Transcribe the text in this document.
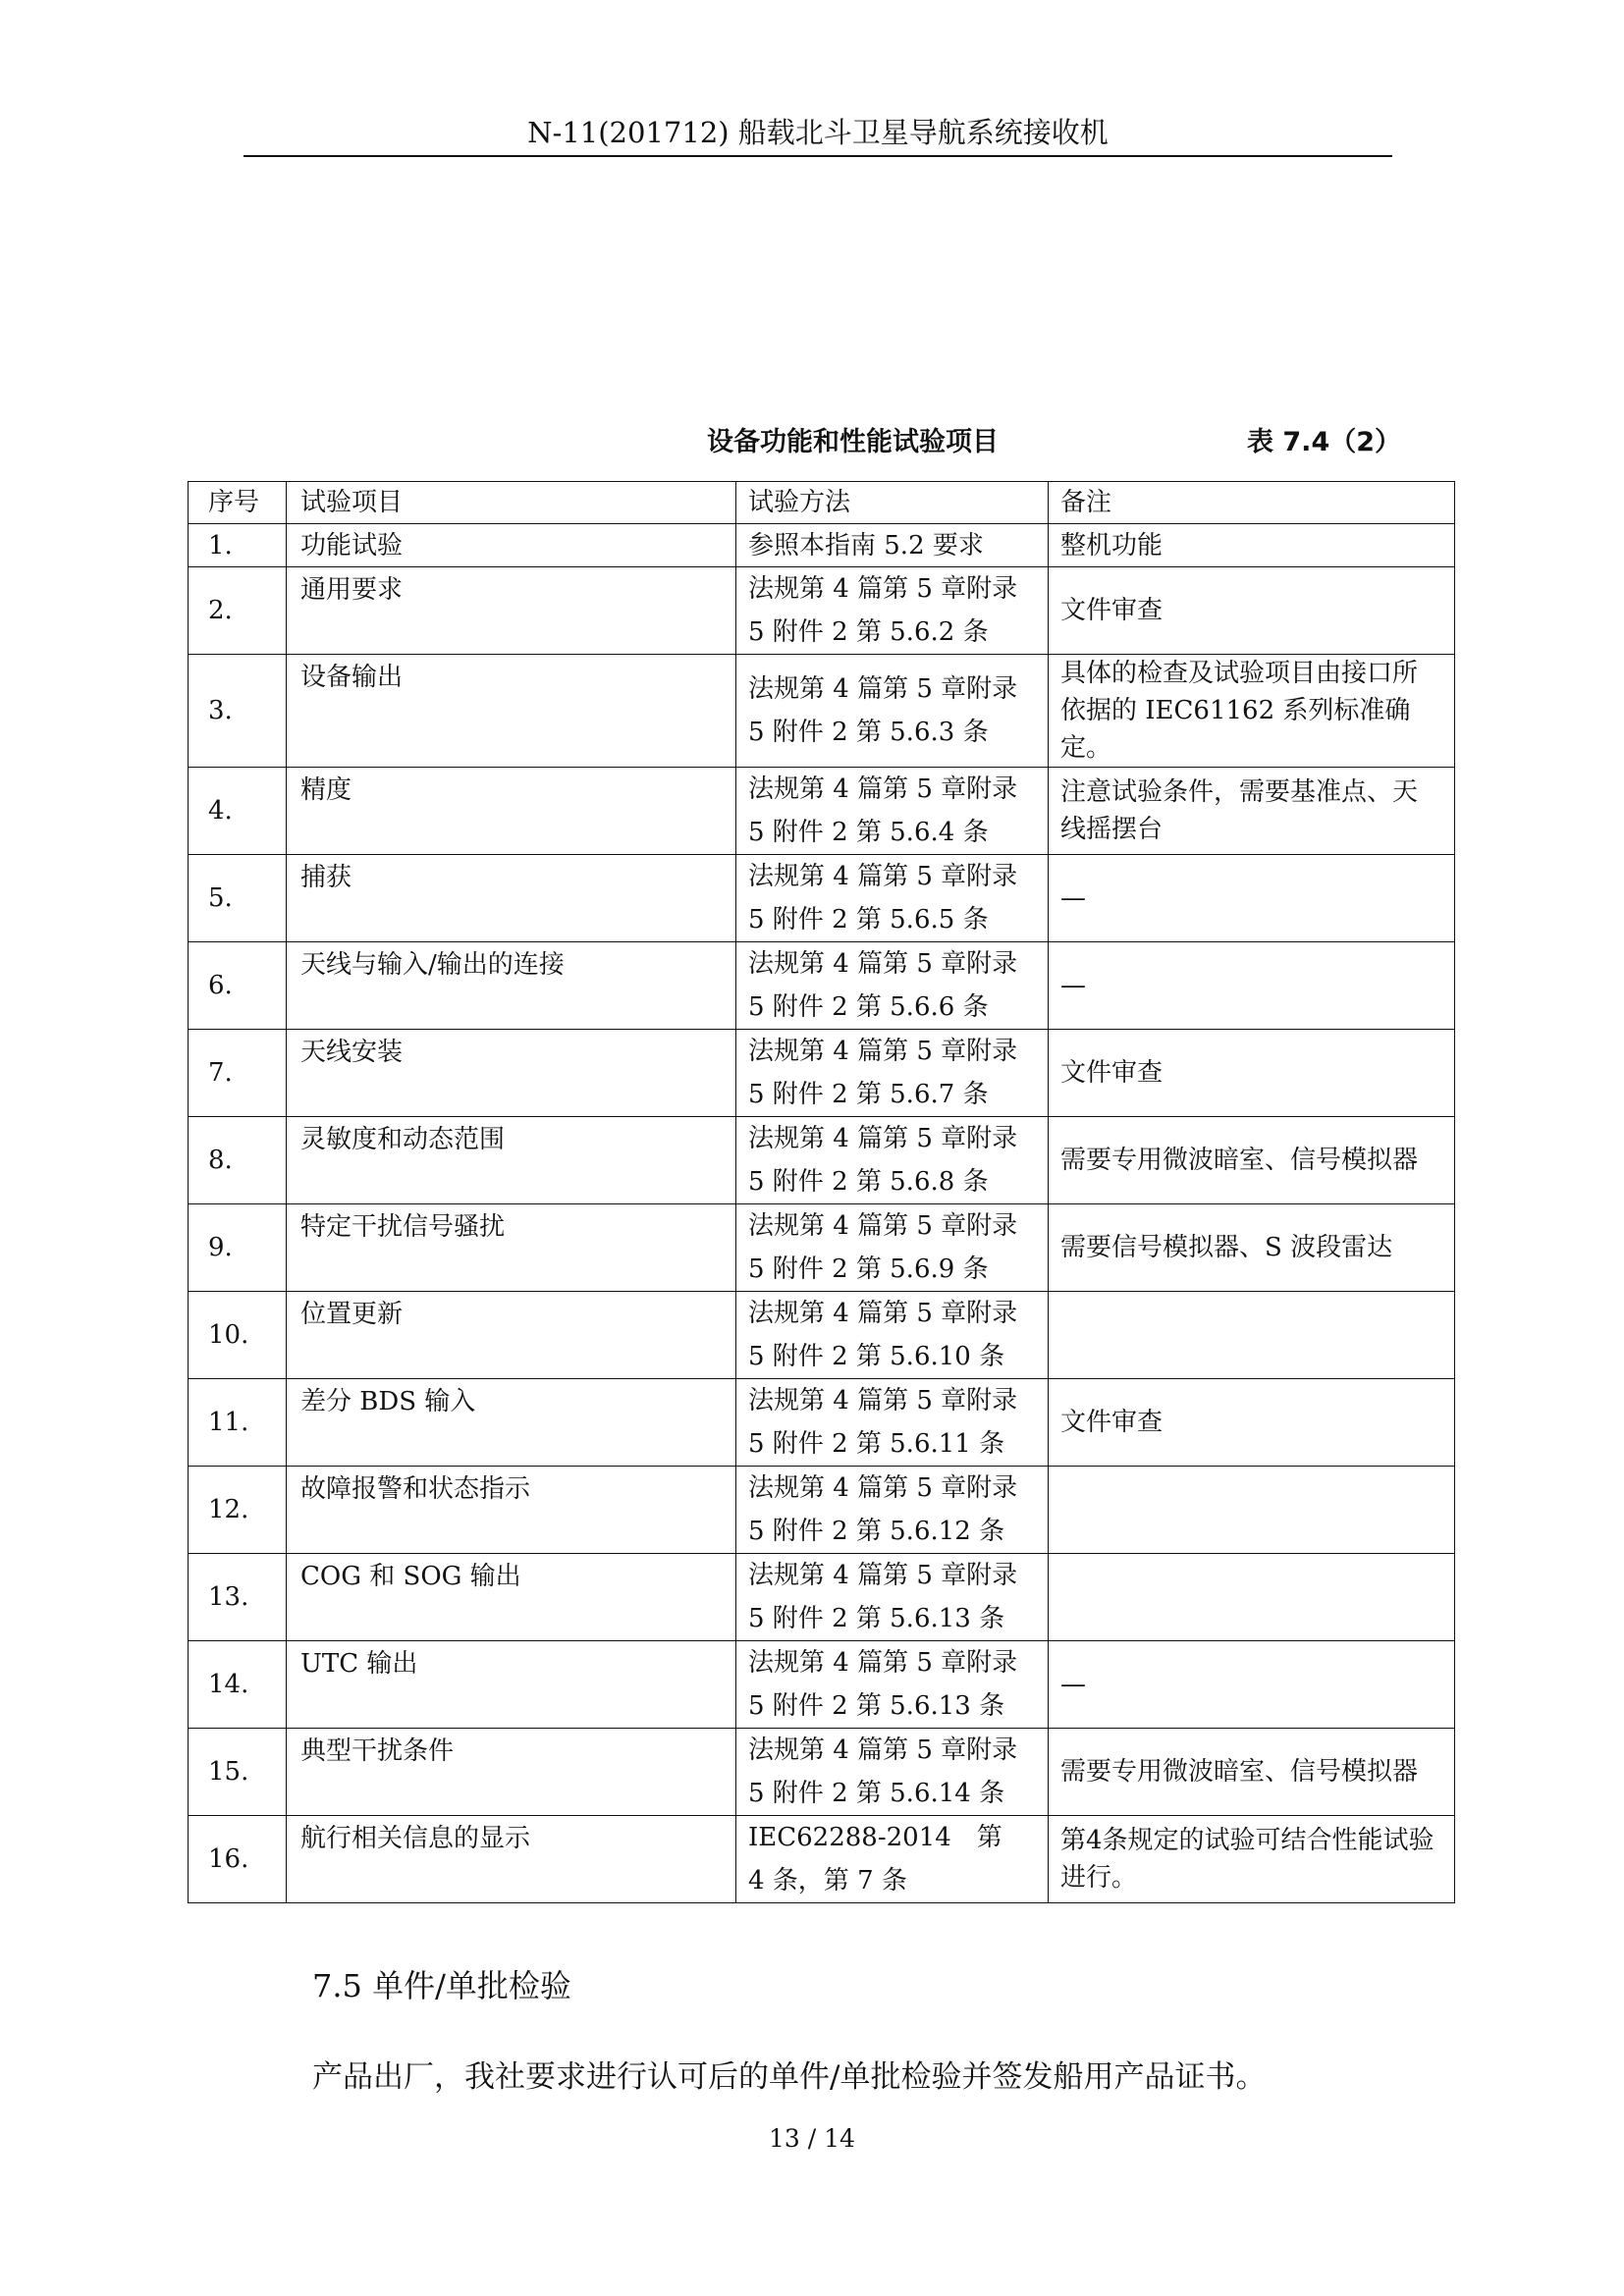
N-11(201712) 船载北斗卫星导航系统接收机
设备功能和性能试验项目	表 7.4（2）
序号	试验项目	试验方法	备注
1.	功能试验	参照本指南 5.2 要求	整机功能
2.	通用要求	法规第 4 篇第 5 章附录 5 附件 2 第 5.6.2 条	文件审查
3.	设备输出	法规第 4 篇第 5 章附录 5 附件 2 第 5.6.3 条	具体的检查及试验项目由接口所依据的 IEC61162 系列标准确定。
4.	精度	法规第 4 篇第 5 章附录 5 附件 2 第 5.6.4 条	注意试验条件，需要基准点、天线摇摆台
5.	捕获	法规第 4 篇第 5 章附录 5 附件 2 第 5.6.5 条	—
6.	天线与输入/输出的连接	法规第 4 篇第 5 章附录 5 附件 2 第 5.6.6 条	—
7.	天线安装	法规第 4 篇第 5 章附录 5 附件 2 第 5.6.7 条	文件审查
8.	灵敏度和动态范围	法规第 4 篇第 5 章附录 5 附件 2 第 5.6.8 条	需要专用微波暗室、信号模拟器
9.	特定干扰信号骚扰	法规第 4 篇第 5 章附录 5 附件 2 第 5.6.9 条	需要信号模拟器、S 波段雷达
10.	位置更新	法规第 4 篇第 5 章附录 5 附件 2 第 5.6.10 条	
11.	差分 BDS 输入	法规第 4 篇第 5 章附录 5 附件 2 第 5.6.11 条	文件审查
12.	故障报警和状态指示	法规第 4 篇第 5 章附录 5 附件 2 第 5.6.12 条	
13.	COG 和 SOG 输出	法规第 4 篇第 5 章附录 5 附件 2 第 5.6.13 条	
14.	UTC 输出	法规第 4 篇第 5 章附录 5 附件 2 第 5.6.13 条	—
15.	典型干扰条件	法规第 4 篇第 5 章附录 5 附件 2 第 5.6.14 条	需要专用微波暗室、信号模拟器
16.	航行相关信息的显示	IEC62288-2014　第　4 条，第 7 条	第4条规定的试验可结合性能试验进行。
7.5 单件/单批检验
产品出厂，我社要求进行认可后的单件/单批检验并签发船用产品证书。
13 / 14
